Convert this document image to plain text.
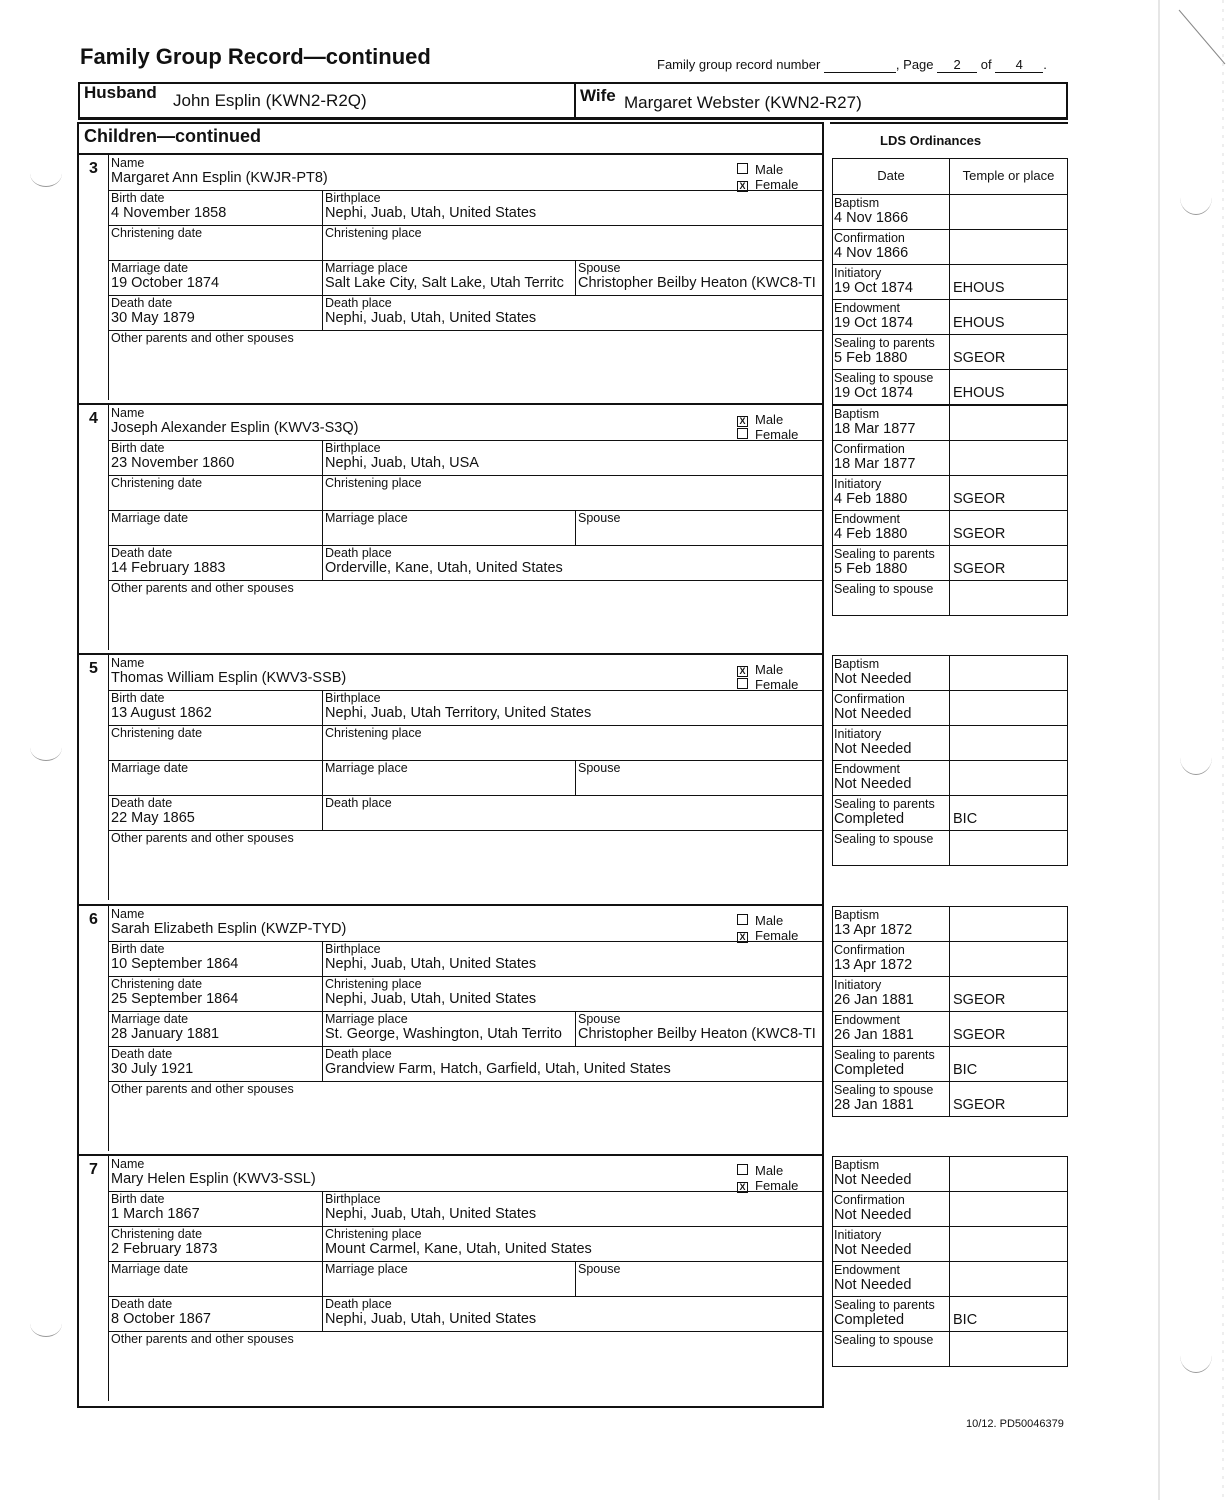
Family Group Record—continued	Family group record number	, Page 2 of 4 .
Husband John Esplin (KWN2-R2Q)	Wife Margaret Webster (KWN2-R27)
Children—continued	LDS Ordinances
Date	Temple or place
3 Name
Margaret Ann Esplin (KWJR-PT8)
Male
X Female
Birth date
4 November 1858
Birthplace
Nephi, Juab, Utah, United States
Christening date	Christening place
Marriage date
19 October 1874
Marriage place
Salt Lake City, Salt Lake, Utah Territc
Spouse
Christopher Beilby Heaton (KWC8-TI
Death date
30 May 1879
Death place
Nephi, Juab, Utah, United States
Other parents and other spouses
Baptism
4 Nov 1866
Confirmation
4 Nov 1866
Initiatory
19 Oct 1874	EHOUS
Endowment
19 Oct 1874	EHOUS
Sealing to parents
5 Feb 1880	SGEOR
Sealing to spouse
19 Oct 1874	EHOUS
4 Name
Joseph Alexander Esplin (KWV3-S3Q)	X Male
Female
Birth date
23 November 1860
Birthplace
Nephi, Juab, Utah, USA
Christening date	Christening place
Marriage date	Marriage place	Spouse
Death date
14 February 1883
Death place
Orderville, Kane, Utah, United States
Other parents and other spouses
Baptism
18 Mar 1877
Confirmation
18 Mar 1877
Initiatory
4 Feb 1880	SGEOR
Endowment
4 Feb 1880	SGEOR
Sealing to parents
5 Feb 1880	SGEOR
Sealing to spouse
5 Name
Thomas William Esplin (KWV3-SSB)	X Male
Female
Birth date
13 August 1862
Birthplace
Nephi, Juab, Utah Territory, United States
Christening date	Christening place
Marriage date	Marriage place	Spouse
Death date
22 May 1865
Death place
Other parents and other spouses
Baptism
Not Needed
Confirmation
Not Needed
Initiatory
Not Needed
Endowment
Not Needed
Sealing to parents
Completed	BIC
Sealing to spouse
6 Name
Sarah Elizabeth Esplin (KWZP-TYD)
Male
X Female
Birth date
10 September 1864
Birthplace
Nephi, Juab, Utah, United States
Christening date
25 September 1864
Christening place
Nephi, Juab, Utah, United States
Marriage date
28 January 1881
Marriage place
St. George, Washington, Utah Territo
Spouse
Christopher Beilby Heaton (KWC8-TI
Death date
30 July 1921
Death place
Grandview Farm, Hatch, Garfield, Utah, United States
Other parents and other spouses
Baptism
13 Apr 1872
Confirmation
13 Apr 1872
Initiatory
26 Jan 1881	SGEOR
Endowment
26 Jan 1881	SGEOR
Sealing to parents
Completed	BIC
Sealing to spouse
28 Jan 1881	SGEOR
7 Name
Mary Helen Esplin (KWV3-SSL)
Male
X Female
Birth date
1 March 1867
Birthplace
Nephi, Juab, Utah, United States
Christening date
2 February 1873
Christening place
Mount Carmel, Kane, Utah, United States
Marriage date	Marriage place	Spouse
Death date
8 October 1867
Death place
Nephi, Juab, Utah, United States
Other parents and other spouses
Baptism
Not Needed
Confirmation
Not Needed
Initiatory
Not Needed
Endowment
Not Needed
Sealing to parents
Completed	BIC
Sealing to spouse
10/12. PD50046379
